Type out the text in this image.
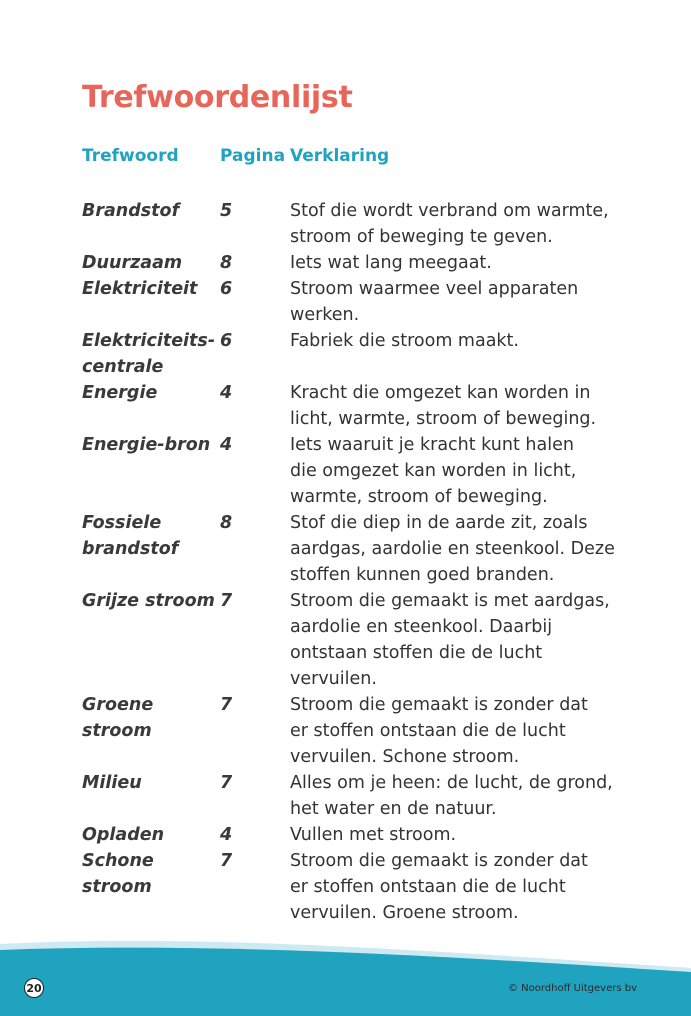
Trefwoordenlijst
Trefwoord Pagina Verklaring
Brandstof	5	Stof die wordt verbrand om warmte,
stroom of beweging te geven.
Duurzaam	8	Iets wat lang meegaat.
Elektriciteit	6	Stroom waarmee veel apparaten
werken.
Elektriciteits-
centrale
6	Fabriek die stroom maakt.
Energie	4	Kracht die omgezet kan worden in
licht, warmte, stroom of beweging.
Energie-bron 4	Iets waaruit je kracht kunt halen
die omgezet kan worden in licht,
warmte, stroom of beweging.
Fossiele
brandstof
8	Stof die diep in de aarde zit, zoals
aardgas, aardolie en steenkool. Deze
stoffen kunnen goed branden.
Grijze stroom 7	Stroom die gemaakt is met aardgas,
aardolie en steenkool. Daarbij
ontstaan stoffen die de lucht
vervuilen.
Groene stroom
7	Stroom die gemaakt is zonder dat
er stoffen ontstaan die de lucht
vervuilen. Schone stroom.
Milieu	7	Alles om je heen: de lucht, de grond,
het water en de natuur.
Opladen	4	Vullen met stroom.
Schone stroom
7	Stroom die gemaakt is zonder dat
er stoffen ontstaan die de lucht
vervuilen. Groene stroom.
20	© Noordhoff Uitgevers bv
